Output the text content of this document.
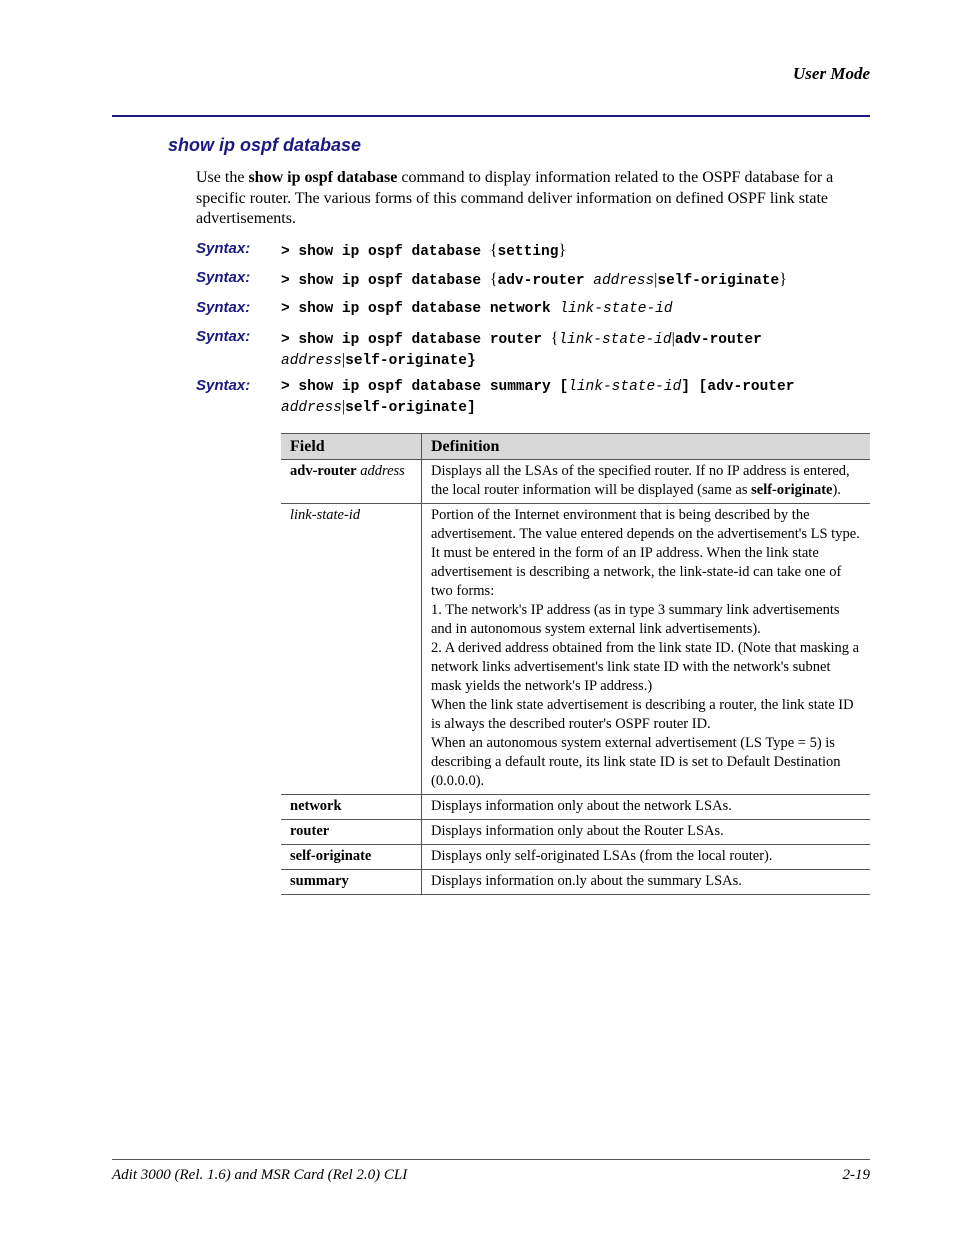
User Mode
show ip ospf database
Use the show ip ospf database command to display information related to the OSPF database for a specific router. The various forms of this command deliver information on defined OSPF link state advertisements.
Syntax: > show ip ospf database {setting}
Syntax: > show ip ospf database {adv-router address|self-originate}
Syntax: > show ip ospf database network link-state-id
Syntax: > show ip ospf database router {link-state-id|adv-router
address|self-originate}
Syntax: > show ip ospf database summary [link-state-id] [adv-router
address|self-originate]
Field	Definition
adv-router address	Displays all the LSAs of the specified router. If no IP address is entered, the local router information will be displayed (same as self-originate).
link-state-id	Portion of the Internet environment that is being described by the advertisement. The value entered depends on the advertisement's LS type. It must be entered in the form of an IP address. When the link state advertisement is describing a network, the link-state-id can take one of two forms:
1. The network's IP address (as in type 3 summary link advertisements and in autonomous system external link advertisements).
2. A derived address obtained from the link state ID. (Note that masking a network links advertisement's link state ID with the network's subnet mask yields the network's IP address.)
When the link state advertisement is describing a router, the link state ID is always the described router's OSPF router ID.
When an autonomous system external advertisement (LS Type = 5) is describing a default route, its link state ID is set to Default Destination (0.0.0.0).

network	Displays information only about the network LSAs.
router	Displays information only about the Router LSAs.
self-originate	Displays only self-originated LSAs (from the local router).
summary	Displays information on.ly about the summary LSAs.
Adit 3000 (Rel. 1.6) and MSR Card (Rel 2.0) CLI	2-19
